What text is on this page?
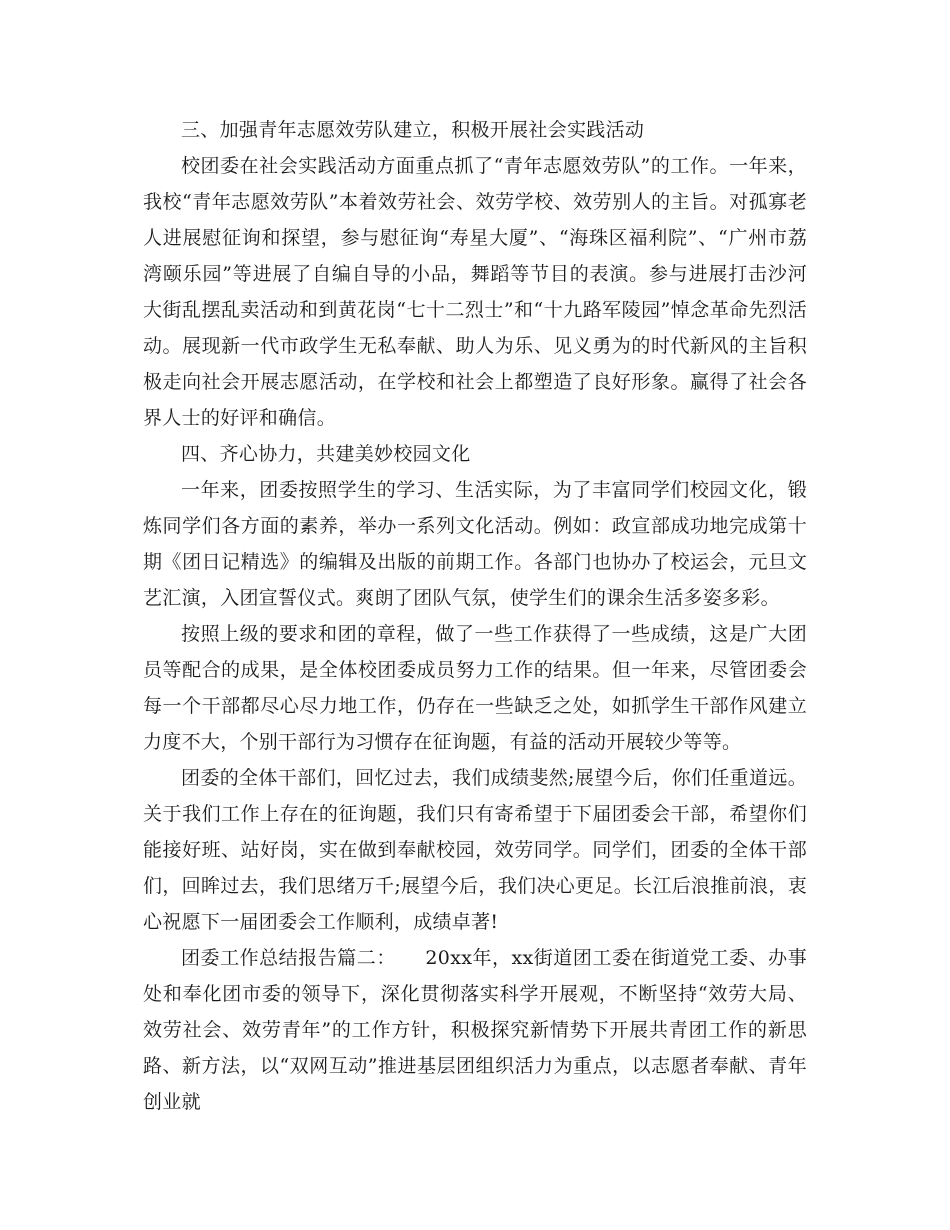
三、加强青年志愿效劳队建立，积极开展社会实践活动

校团委在社会实践活动方面重点抓了“青年志愿效劳队”的工作。一年来，我校“青年志愿效劳队”本着效劳社会、效劳学校、效劳别人的主旨。对孤寡老人进展慰征询和探望，参与慰征询“寿星大厦”、“海珠区福利院”、“广州市荔湾颐乐园”等进展了自编自导的小品，舞蹈等节目的表演。参与进展打击沙河大街乱摆乱卖活动和到黄花岗“七十二烈士”和“十九路军陵园”悼念革命先烈活动。展现新一代市政学生无私奉献、助人为乐、见义勇为的时代新风的主旨积极走向社会开展志愿活动，在学校和社会上都塑造了良好形象。赢得了社会各界人士的好评和确信。

四、齐心协力，共建美妙校园文化

一年来，团委按照学生的学习、生活实际，为了丰富同学们校园文化，锻炼同学们各方面的素养，举办一系列文化活动。例如：政宣部成功地完成第十期《团日记精选》的编辑及出版的前期工作。各部门也协办了校运会，元旦文艺汇演，入团宣誓仪式。爽朗了团队气氛，使学生们的课余生活多姿多彩。

按照上级的要求和团的章程，做了一些工作获得了一些成绩，这是广大团员等配合的成果，是全体校团委成员努力工作的结果。但一年来，尽管团委会每一个干部都尽心尽力地工作，仍存在一些缺乏之处，如抓学生干部作风建立力度不大，个别干部行为习惯存在征询题，有益的活动开展较少等等。

团委的全体干部们，回忆过去，我们成绩斐然;展望今后，你们任重道远。关于我们工作上存在的征询题，我们只有寄希望于下届团委会干部，希望你们能接好班、站好岗，实在做到奉献校园，效劳同学。同学们，团委的全体干部们，回眸过去，我们思绪万千;展望今后，我们决心更足。长江后浪推前浪，衷心祝愿下一届团委会工作顺利，成绩卓著!

团委工作总结报告篇二：　　20xx年，xx街道团工委在街道党工委、办事处和奉化团市委的领导下，深化贯彻落实科学开展观，不断坚持“效劳大局、效劳社会、效劳青年”的工作方针，积极探究新情势下开展共青团工作的新思路、新方法，以“双网互动”推进基层团组织活力为重点，以志愿者奉献、青年创业就
